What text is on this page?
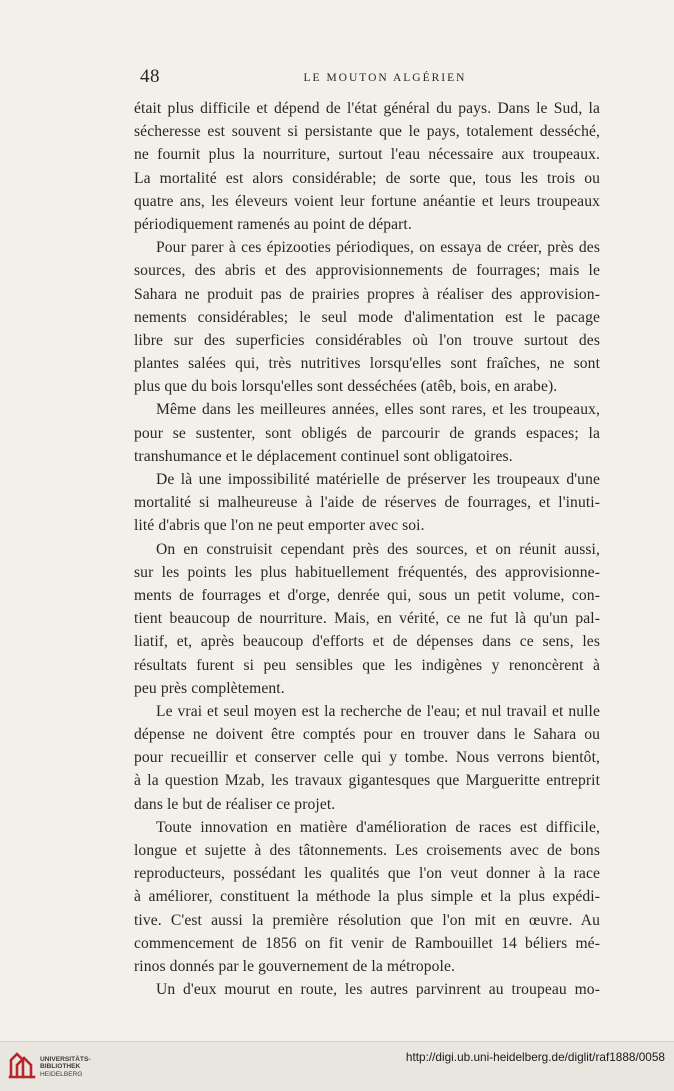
48	LE MOUTON ALGÉRIEN
était plus difficile et dépend de l'état général du pays. Dans le Sud, la
sécheresse est souvent si persistante que le pays, totalement desséché,
ne fournit plus la nourriture, surtout l'eau nécessaire aux troupeaux.
La mortalité est alors considérable; de sorte que, tous les trois ou
quatre ans, les éleveurs voient leur fortune anéantie et leurs troupeaux
périodiquement ramenés au point de départ.
Pour parer à ces épizooties périodiques, on essaya de créer, près des
sources, des abris et des approvisionnements de fourrages; mais le
Sahara ne produit pas de prairies propres à réaliser des approvision-
nements considérables; le seul mode d'alimentation est le pacage
libre sur des superficies considérables où l'on trouve surtout des
plantes salées qui, très nutritives lorsqu'elles sont fraîches, ne sont
plus que du bois lorsqu'elles sont desséchées (atêb, bois, en arabe).
Même dans les meilleures années, elles sont rares, et les troupeaux,
pour se sustenter, sont obligés de parcourir de grands espaces; la
transhumance et le déplacement continuel sont obligatoires.
De là une impossibilité matérielle de préserver les troupeaux d'une
mortalité si malheureuse à l'aide de réserves de fourrages, et l'inuti-
lité d'abris que l'on ne peut emporter avec soi.
On en construisit cependant près des sources, et on réunit aussi,
sur les points les plus habituellement fréquentés, des approvisionne-
ments de fourrages et d'orge, denrée qui, sous un petit volume, con-
tient beaucoup de nourriture. Mais, en vérité, ce ne fut là qu'un pal-
liatif, et, après beaucoup d'efforts et de dépenses dans ce sens, les
résultats furent si peu sensibles que les indigènes y renoncèrent à
peu près complètement.
Le vrai et seul moyen est la recherche de l'eau; et nul travail et nulle
dépense ne doivent être comptés pour en trouver dans le Sahara ou
pour recueillir et conserver celle qui y tombe. Nous verrons bientôt,
à la question Mzab, les travaux gigantesques que Margueritte entreprit
dans le but de réaliser ce projet.
Toute innovation en matière d'amélioration de races est difficile,
longue et sujette à des tâtonnements. Les croisements avec de bons
reproducteurs, possédant les qualités que l'on veut donner à la race
à améliorer, constituent la méthode la plus simple et la plus expédi-
tive. C'est aussi la première résolution que l'on mit en œuvre. Au
commencement de 1856 on fit venir de Rambouillet 14 béliers mé-
rinos donnés par le gouvernement de la métropole.
Un d'eux mourut en route, les autres parvinrent au troupeau mo-
UNIVERSITÄTS-
BIBLIOTHEK
HEIDELBERG
http://digi.ub.uni-heidelberg.de/diglit/raf1888/0058
